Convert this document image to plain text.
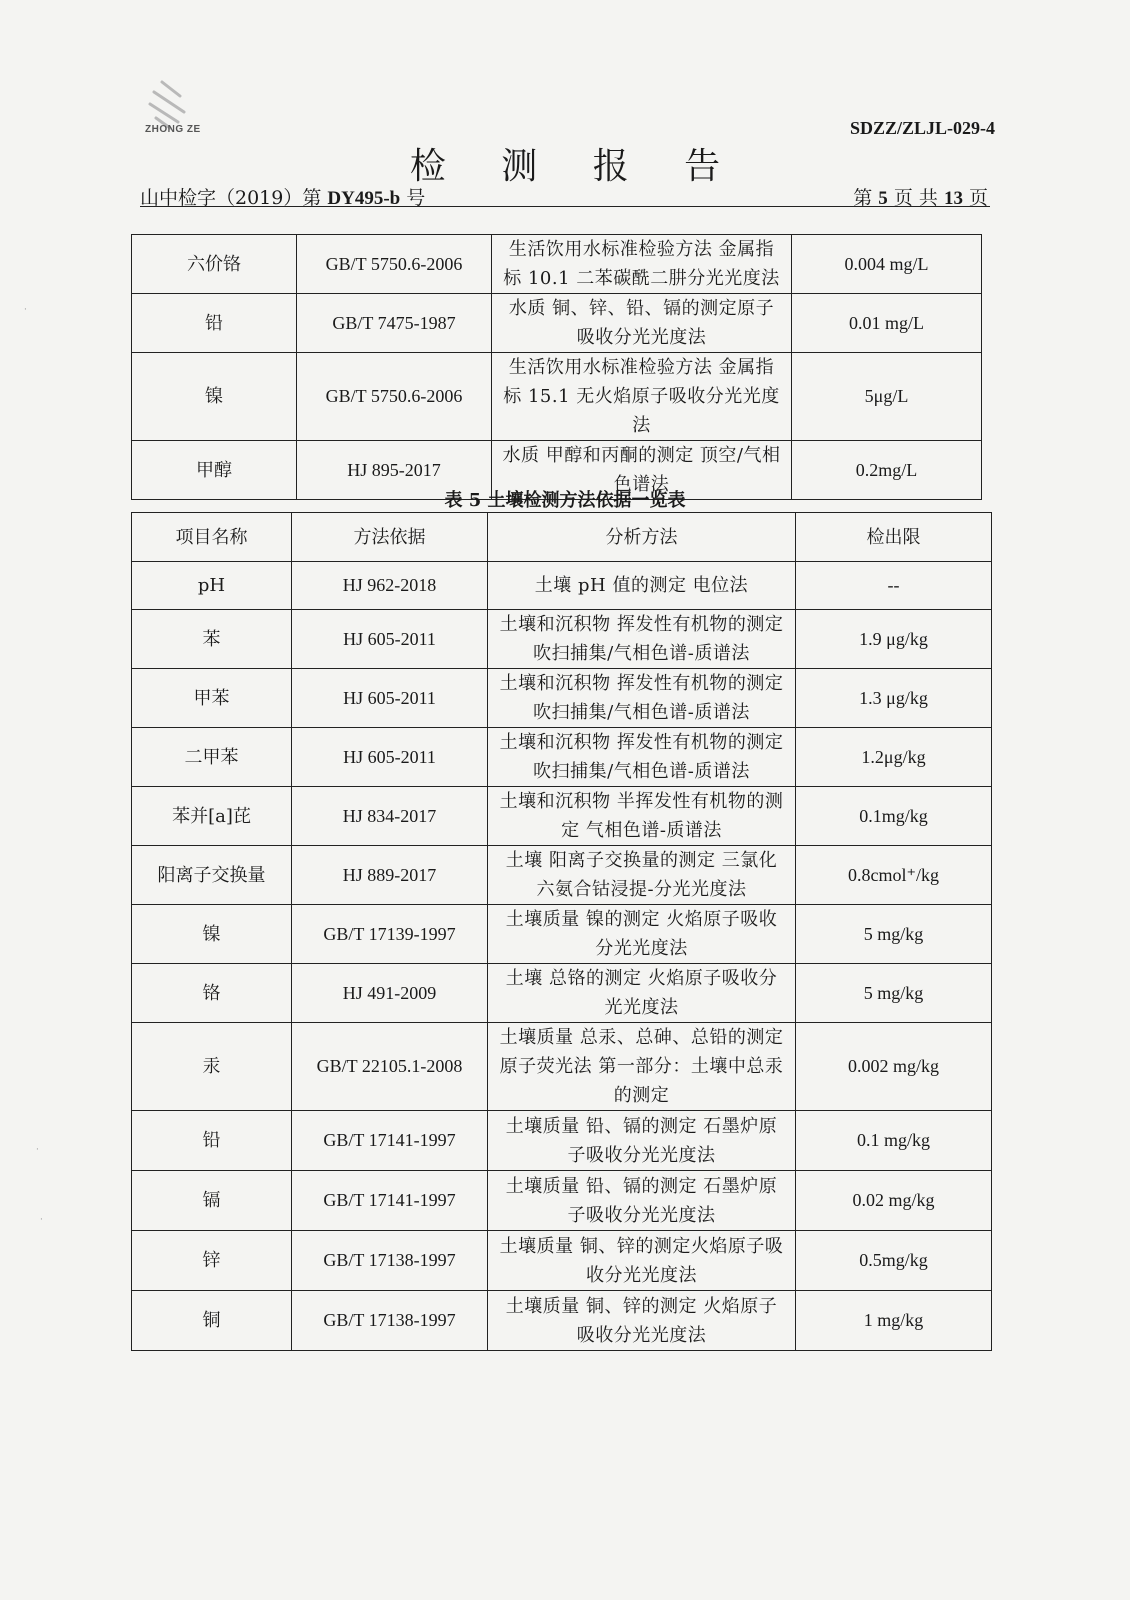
ZHONG ZE	SDZZ/ZLJL-029-4
检 测 报 告
山中检字（2019）第 DY495-b 号	第 5 页 共 13 页
六价铬	GB/T 5750.6-2006	生活饮用水标准检验方法 金属指标 10.1 二苯碳酰二肼分光光度法	0.004 mg/L
铅	GB/T 7475-1987	水质 铜、锌、铅、镉的测定原子吸收分光光度法	0.01 mg/L
镍	GB/T 5750.6-2006	生活饮用水标准检验方法 金属指标 15.1 无火焰原子吸收分光光度法	5μg/L
甲醇	HJ 895-2017	水质 甲醇和丙酮的测定 顶空/气相色谱法	0.2mg/L
表 5 土壤检测方法依据一览表
项目名称	方法依据	分析方法	检出限
pH	HJ 962-2018	土壤 pH 值的测定 电位法	--
苯	HJ 605-2011	土壤和沉积物 挥发性有机物的测定 吹扫捕集/气相色谱-质谱法	1.9 μg/kg
甲苯	HJ 605-2011	土壤和沉积物 挥发性有机物的测定 吹扫捕集/气相色谱-质谱法	1.3 μg/kg
二甲苯	HJ 605-2011	土壤和沉积物 挥发性有机物的测定 吹扫捕集/气相色谱-质谱法	1.2μg/kg
苯并[a]芘	HJ 834-2017	土壤和沉积物 半挥发性有机物的测定 气相色谱-质谱法	0.1mg/kg
阳离子交换量	HJ 889-2017	土壤 阳离子交换量的测定 三氯化六氨合钴浸提-分光光度法	0.8cmol⁺/kg
镍	GB/T 17139-1997	土壤质量 镍的测定 火焰原子吸收分光光度法	5 mg/kg
铬	HJ 491-2009	土壤 总铬的测定 火焰原子吸收分光光度法	5 mg/kg
汞	GB/T 22105.1-2008	土壤质量 总汞、总砷、总铅的测定原子荧光法 第一部分：土壤中总汞的测定	0.002 mg/kg
铅	GB/T 17141-1997	土壤质量 铅、镉的测定 石墨炉原子吸收分光光度法	0.1 mg/kg
镉	GB/T 17141-1997	土壤质量 铅、镉的测定 石墨炉原子吸收分光光度法	0.02 mg/kg
锌	GB/T 17138-1997	土壤质量 铜、锌的测定火焰原子吸收分光光度法	0.5mg/kg
铜	GB/T 17138-1997	土壤质量 铜、锌的测定 火焰原子吸收分光光度法	1 mg/kg
·
·
·
